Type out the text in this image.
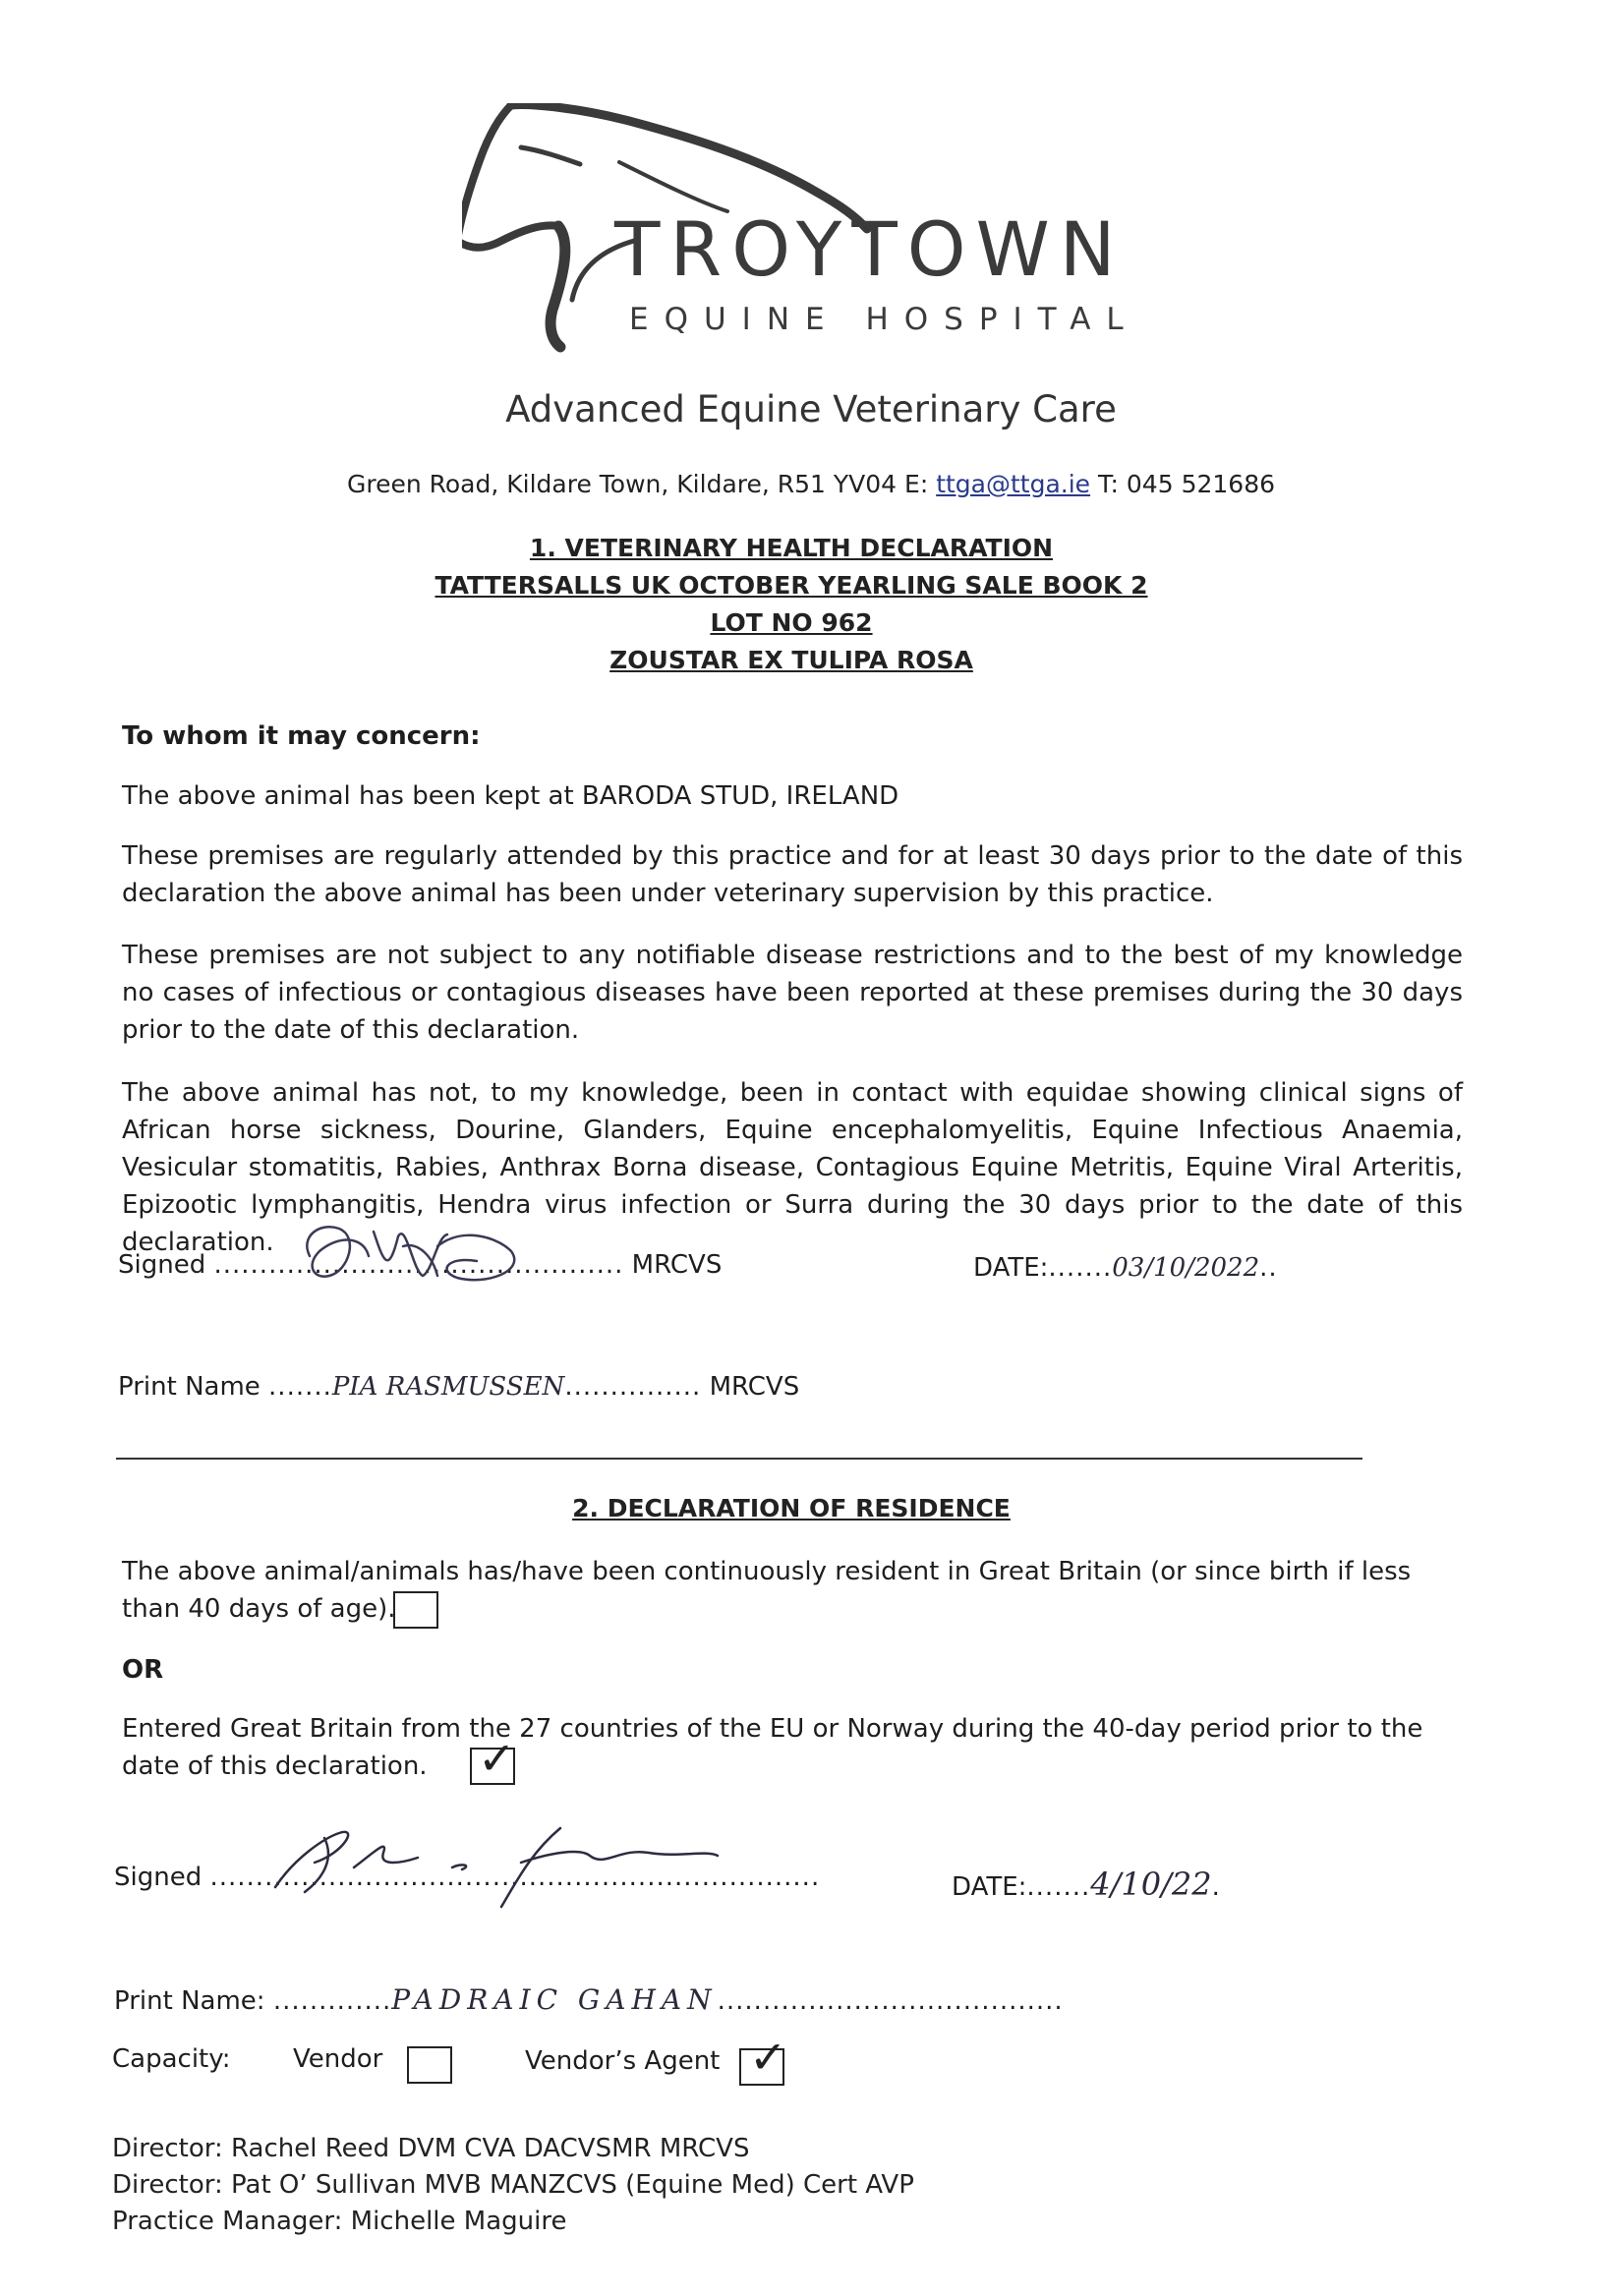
TROYTOWN
EQUINE HOSPITAL
Advanced Equine Veterinary Care
Green Road, Kildare Town, Kildare, R51 YV04 E: ttga@ttga.ie T: 045 521686
1. VETERINARY HEALTH DECLARATION
TATTERSALLS UK OCTOBER YEARLING SALE BOOK 2
LOT NO 962
ZOUSTAR EX TULIPA ROSA
To whom it may concern:
The above animal has been kept at BARODA STUD, IRELAND
These premises are regularly attended by this practice and for at least 30 days prior to the date of this declaration the above animal has been under veterinary supervision by this practice.
These premises are not subject to any notifiable disease restrictions and to the best of my knowledge no cases of infectious or contagious diseases have been reported at these premises during the 30 days prior to the date of this declaration.
The above animal has not, to my knowledge, been in contact with equidae showing clinical signs of African horse sickness, Dourine, Glanders, Equine encephalomyelitis, Equine Infectious Anaemia, Vesicular stomatitis, Rabies, Anthrax Borna disease, Contagious Equine Metritis, Equine Viral Arteritis, Epizootic lymphangitis, Hendra virus infection or Surra during the 30 days prior to the date of this declaration.
Signed ............................................. MRCVS	DATE:.......03/10/2022..
Print Name .......PIA RASMUSSEN............... MRCVS
2. DECLARATION OF RESIDENCE
The above animal/animals has/have been continuously resident in Great Britain (or since birth if less than 40 days of age).
OR
Entered Great Britain from the 27 countries of the EU or Norway during the 40-day period prior to the date of this declaration.	✓
Signed ...................................................................	DATE:.......4/10/22.
Print Name: .............PADRAIC GAHAN......................................
Capacity: Vendor	Vendor’s Agent ✓
Director: Rachel Reed DVM CVA DACVSMR MRCVS
Director: Pat O’ Sullivan MVB MANZCVS (Equine Med) Cert AVP
Practice Manager: Michelle Maguire
